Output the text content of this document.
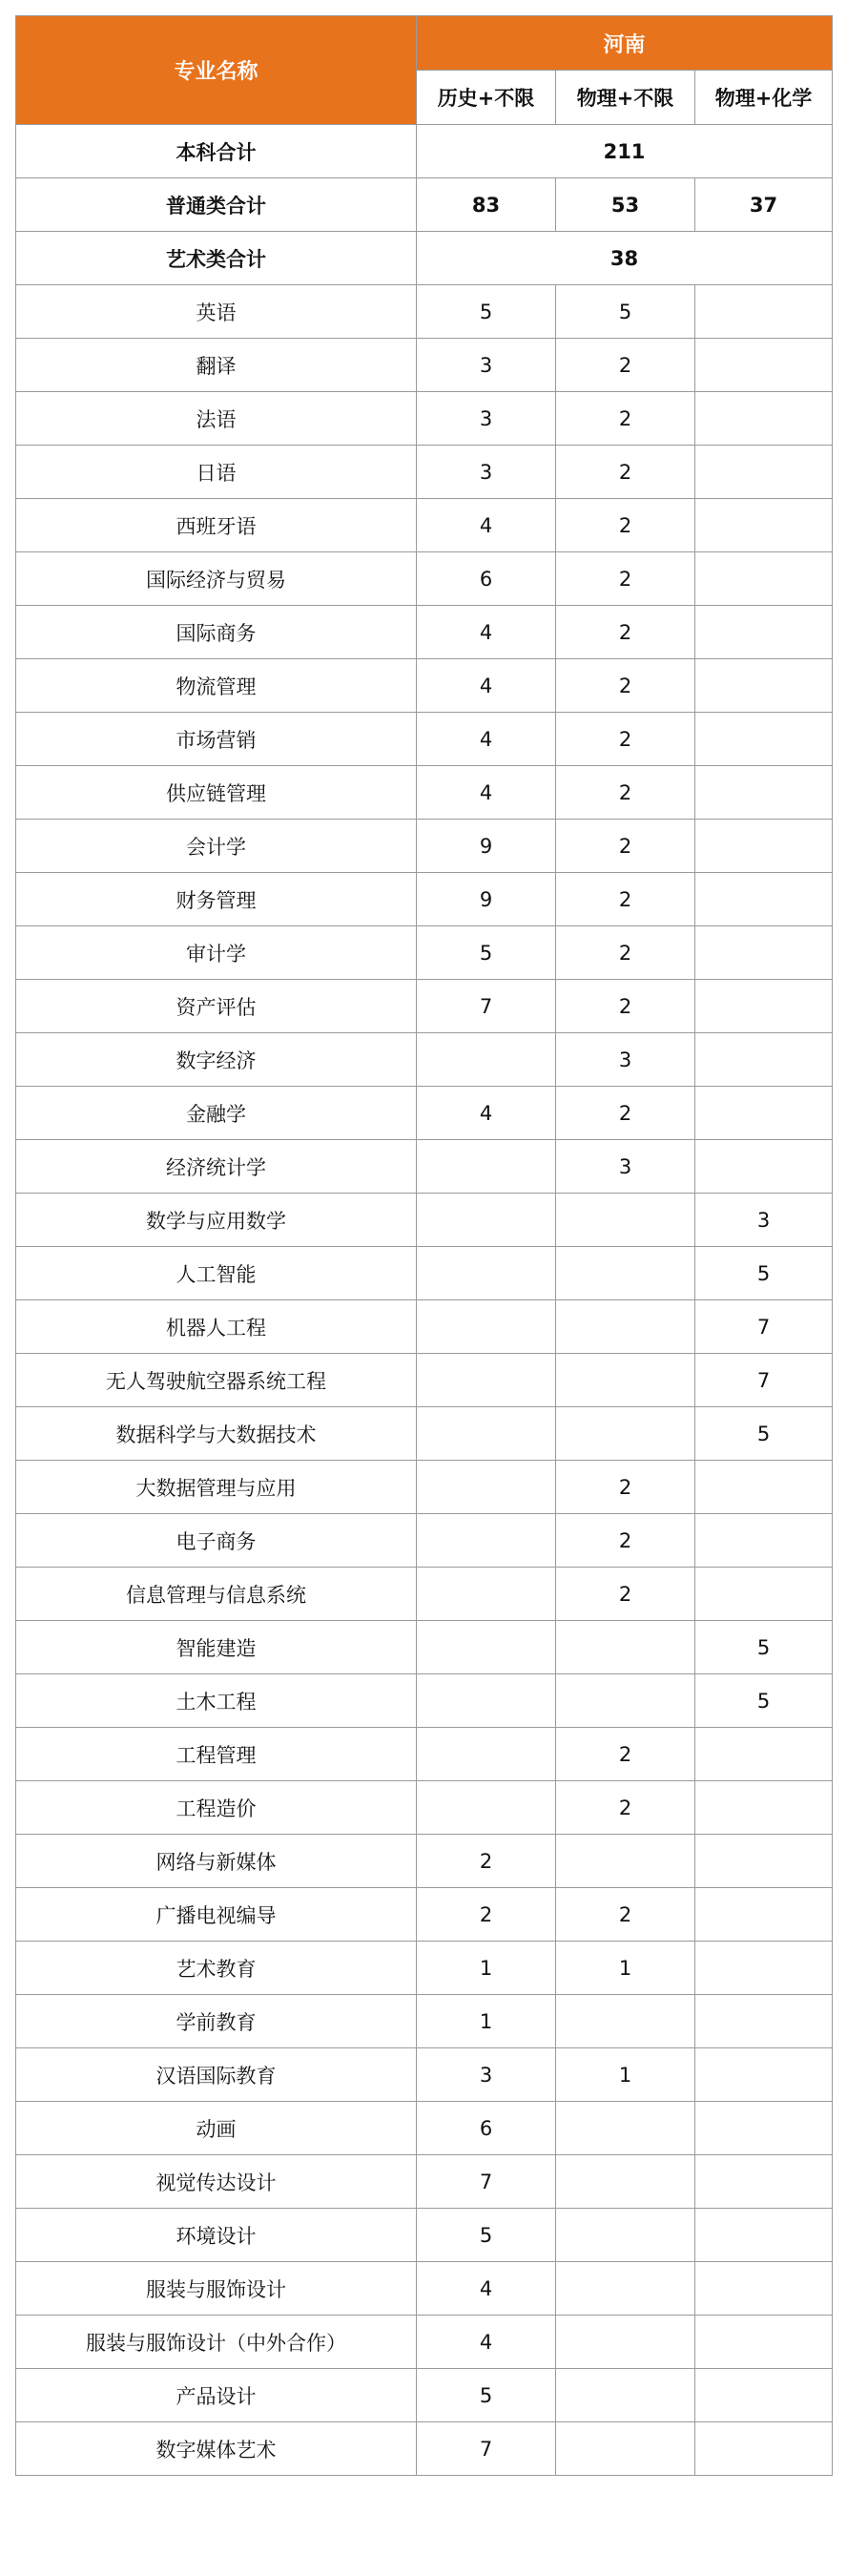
专业名称	河南		
	历史+不限	物理+不限	物理+化学
本科合计	211		
普通类合计	83	53	37
艺术类合计	38		
英语	5	5	
翻译	3	2	
法语	3	2	
日语	3	2	
西班牙语	4	2	
国际经济与贸易	6	2	
国际商务	4	2	
物流管理	4	2	
市场营销	4	2	
供应链管理	4	2	
会计学	9	2	
财务管理	9	2	
审计学	5	2	
资产评估	7	2	
数字经济		3	
金融学	4	2	
经济统计学		3	
数学与应用数学			3
人工智能			5
机器人工程			7
无人驾驶航空器系统工程			7
数据科学与大数据技术			5
大数据管理与应用		2	
电子商务		2	
信息管理与信息系统		2	
智能建造			5
土木工程			5
工程管理		2	
工程造价		2	
网络与新媒体	2		
广播电视编导	2	2	
艺术教育	1	1	
学前教育	1		
汉语国际教育	3	1	
动画	6		
视觉传达设计	7		
环境设计	5		
服装与服饰设计	4		
服装与服饰设计（中外合作）	4		
产品设计	5		
数字媒体艺术	7		
